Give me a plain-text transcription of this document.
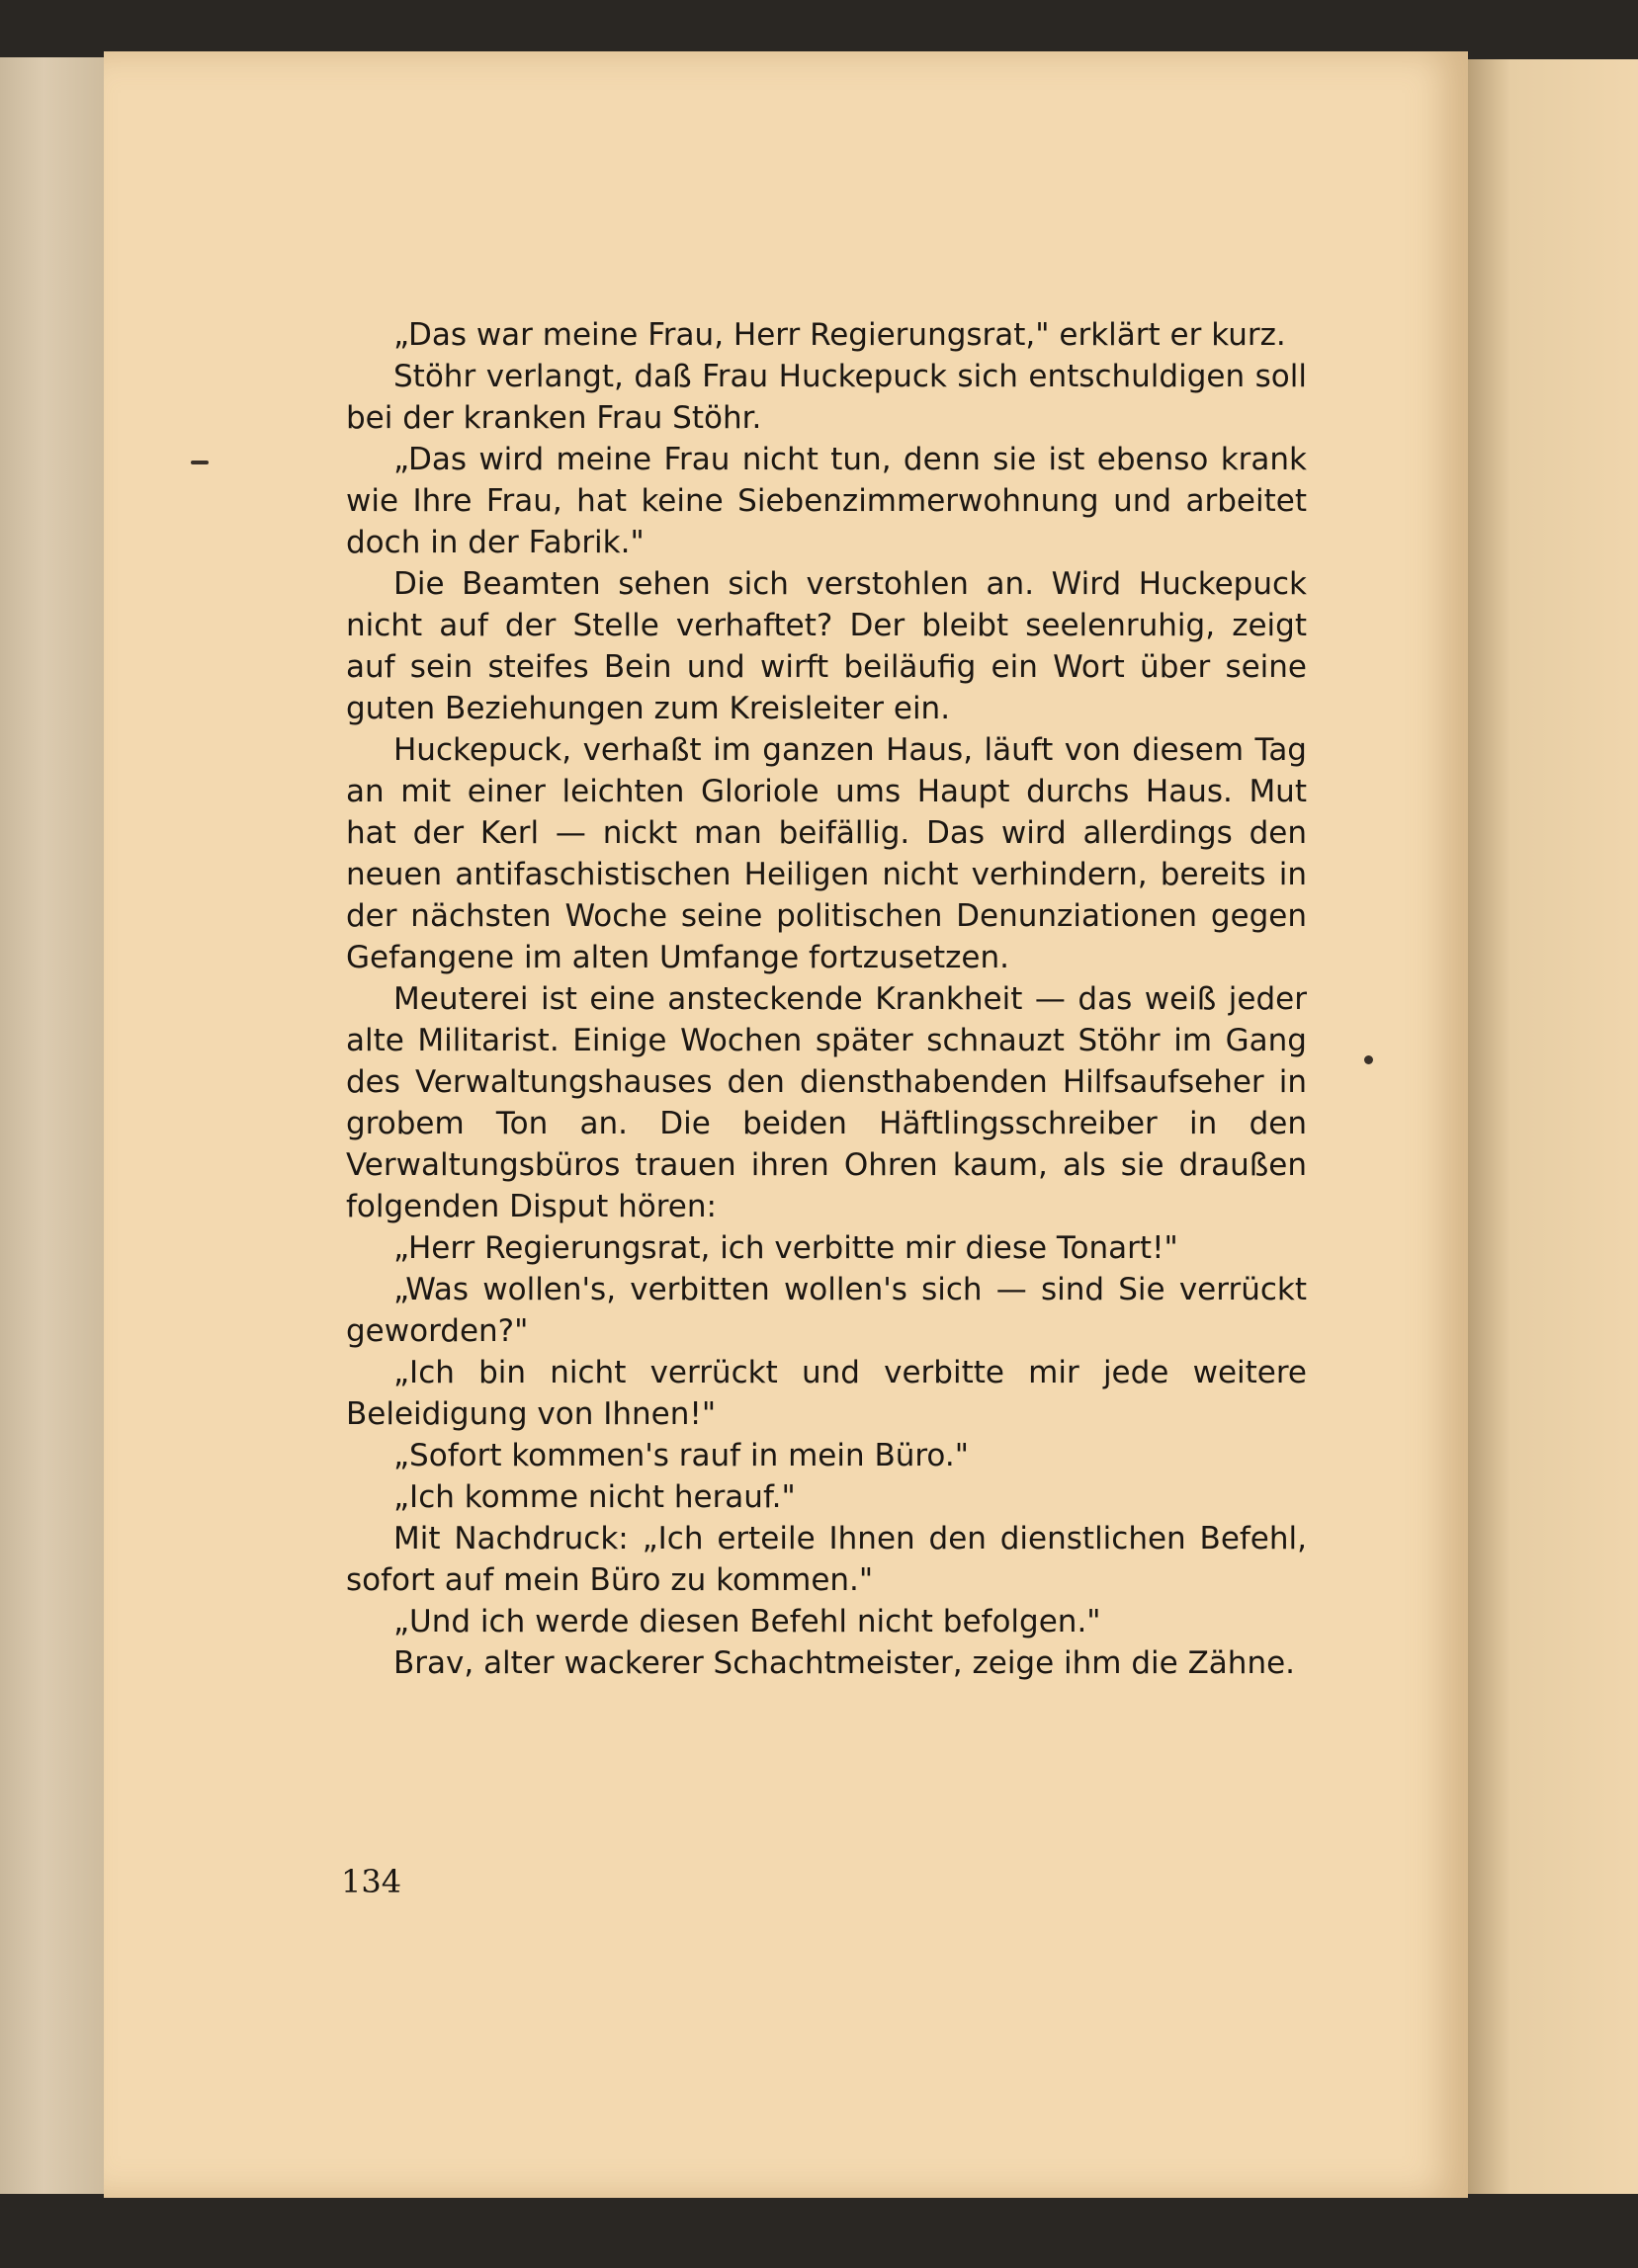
„Das war meine Frau, Herr Regierungsrat," erklärt er kurz.

Stöhr verlangt, daß Frau Huckepuck sich entschuldigen soll bei der kranken Frau Stöhr.

„Das wird meine Frau nicht tun, denn sie ist ebenso krank wie Ihre Frau, hat keine Siebenzimmerwohnung und arbeitet doch in der Fabrik."

Die Beamten sehen sich verstohlen an. Wird Huckepuck nicht auf der Stelle verhaftet? Der bleibt seelenruhig, zeigt auf sein steifes Bein und wirft beiläufig ein Wort über seine guten Beziehungen zum Kreisleiter ein.

Huckepuck, verhaßt im ganzen Haus, läuft von diesem Tag an mit einer leichten Gloriole ums Haupt durchs Haus. Mut hat der Kerl — nickt man beifällig. Das wird allerdings den neuen antifaschistischen Heiligen nicht verhindern, bereits in der nächsten Woche seine politischen Denunziationen gegen Gefangene im alten Umfange fortzusetzen.

Meuterei ist eine ansteckende Krankheit — das weiß jeder alte Militarist. Einige Wochen später schnauzt Stöhr im Gang des Verwaltungshauses den diensthabenden Hilfsaufseher in grobem Ton an. Die beiden Häftlingsschreiber in den Verwaltungsbüros trauen ihren Ohren kaum, als sie draußen folgenden Disput hören:

„Herr Regierungsrat, ich verbitte mir diese Tonart!"

„Was wollen's, verbitten wollen's sich — sind Sie verrückt geworden?"

„Ich bin nicht verrückt und verbitte mir jede weitere Beleidigung von Ihnen!"

„Sofort kommen's rauf in mein Büro."

„Ich komme nicht herauf."

Mit Nachdruck: „Ich erteile Ihnen den dienstlichen Befehl, sofort auf mein Büro zu kommen."

„Und ich werde diesen Befehl nicht befolgen."

Brav, alter wackerer Schachtmeister, zeige ihm die Zähne.

134
